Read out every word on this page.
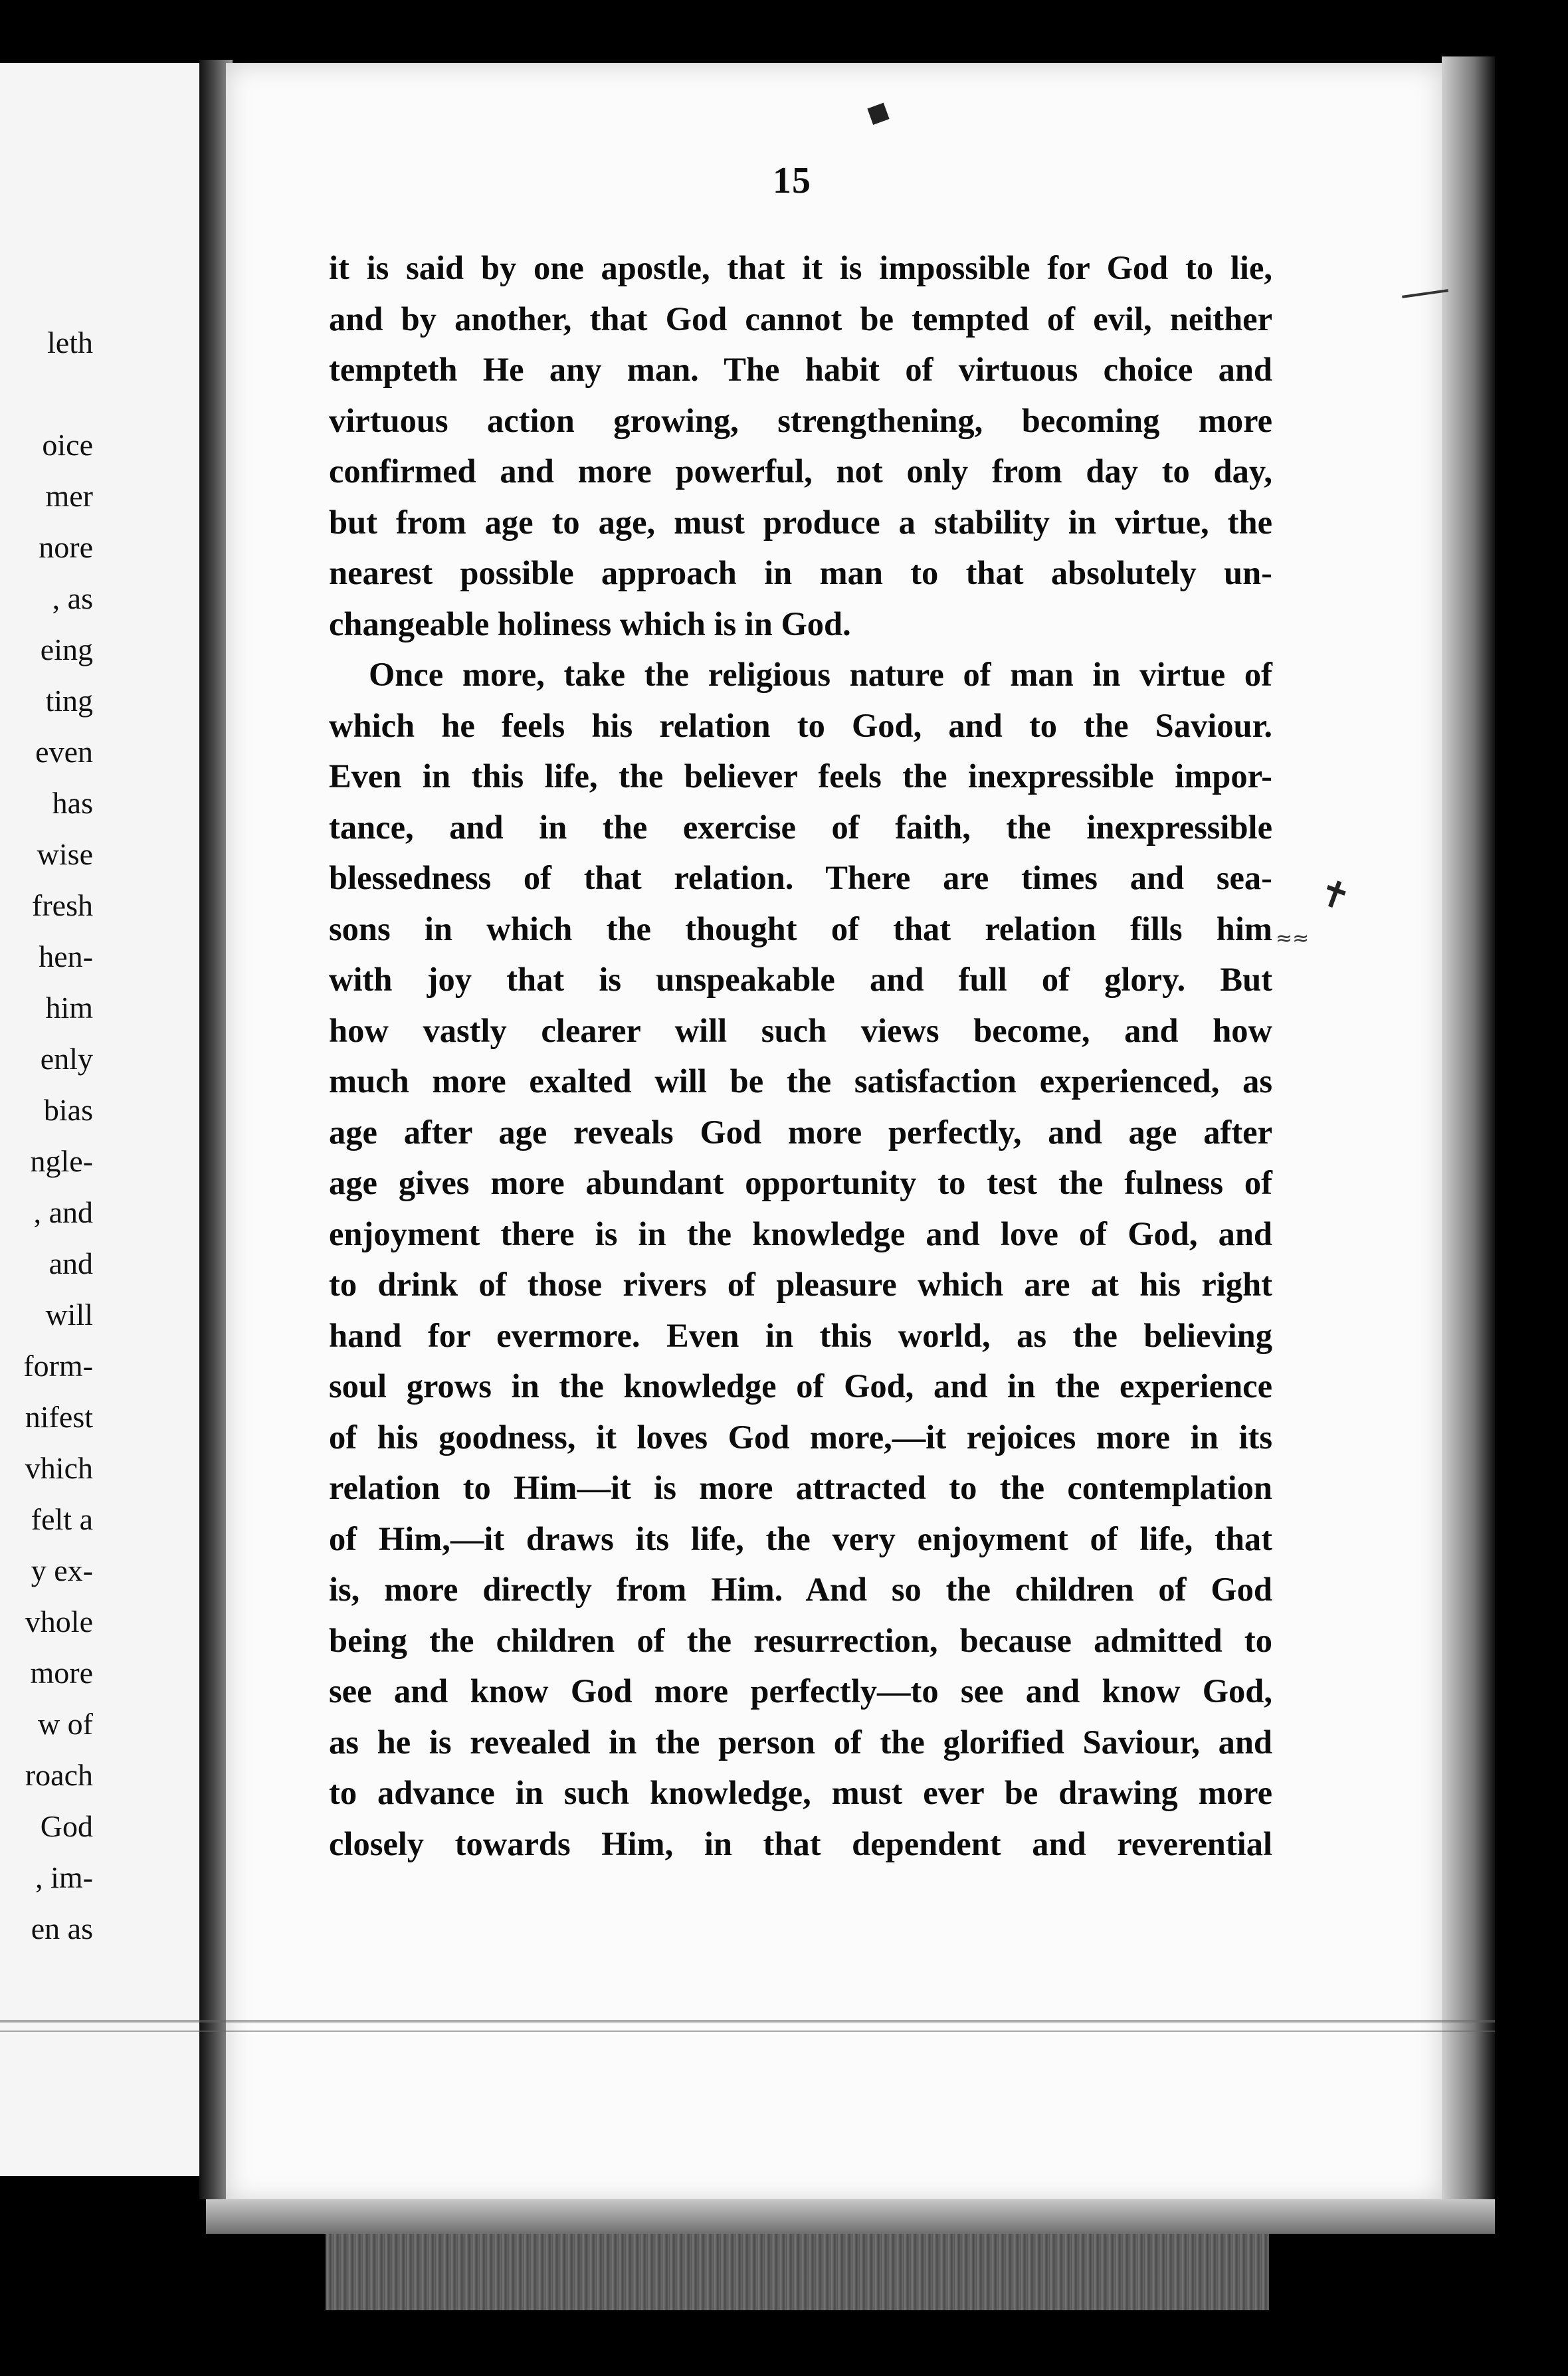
leth
oice
mer
nore
, as
eing
ting
even
has
wise
fresh
hen-
him
enly
bias
ngle-
, and
and
will
form-
nifest
vhich
felt a
y ex-
vhole
more
w of
roach
God
, im-
en as
◆
✝
≈≈
15
it is said by one apostle, that it is impossible for God to lie,
and by another, that God cannot be tempted of evil, neither
tempteth He any man. The habit of virtuous choice and
virtuous action growing, strengthening, becoming more
confirmed and more powerful, not only from day to day,
but from age to age, must produce a stability in virtue, the
nearest possible approach in man to that absolutely un-
changeable holiness which is in God.
Once more, take the religious nature of man in virtue of
which he feels his relation to God, and to the Saviour.
Even in this life, the believer feels the inexpressible impor-
tance, and in the exercise of faith, the inexpressible
blessedness of that relation. There are times and sea-
sons in which the thought of that relation fills him
with joy that is unspeakable and full of glory. But
how vastly clearer will such views become, and how
much more exalted will be the satisfaction experienced, as
age after age reveals God more perfectly, and age after
age gives more abundant opportunity to test the fulness of
enjoyment there is in the knowledge and love of God, and
to drink of those rivers of pleasure which are at his right
hand for evermore. Even in this world, as the believing
soul grows in the knowledge of God, and in the experience
of his goodness, it loves God more,—it rejoices more in its
relation to Him—it is more attracted to the contemplation
of Him,—it draws its life, the very enjoyment of life, that
is, more directly from Him. And so the children of God
being the children of the resurrection, because admitted to
see and know God more perfectly—to see and know God,
as he is revealed in the person of the glorified Saviour, and
to advance in such knowledge, must ever be drawing more
closely towards Him, in that dependent and reverential
